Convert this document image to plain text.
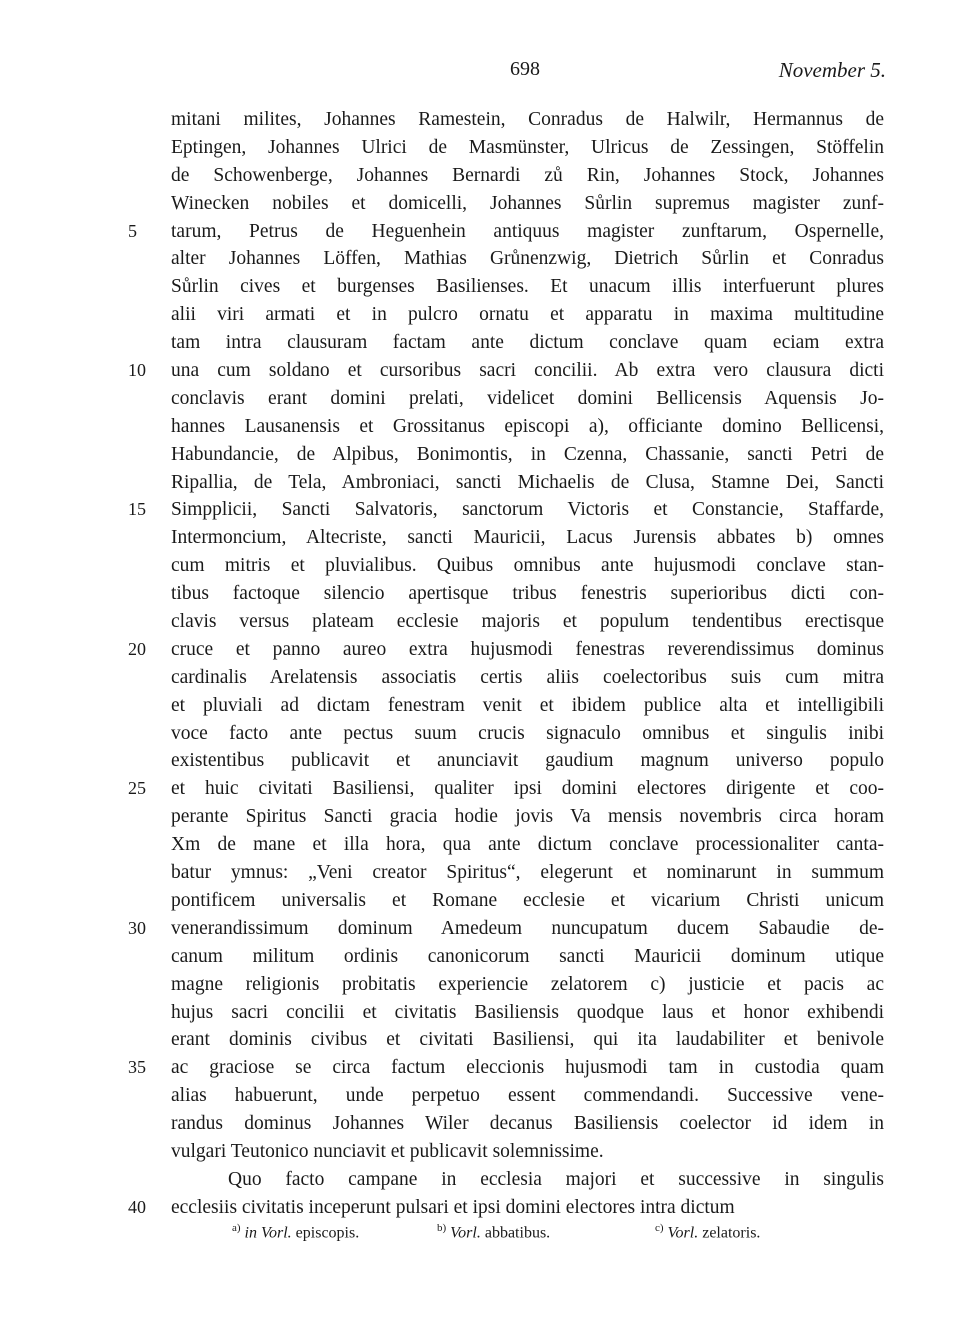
698	November 5.
mitani milites, Johannes Ramestein, Conradus de Halwilr, Hermannus de
Eptingen, Johannes Ulrici de Masmünster, Ulricus de Zessingen, Stöffelin
de Schowenberge, Johannes Bernardi zů Rin, Johannes Stock, Johannes
Winecken nobiles et domicelli, Johannes Sůrlin supremus magister zunf-
5	tarum, Petrus de Heguenhein antiquus magister zunftarum, Ospernelle,
alter Johannes Löffen, Mathias Grůnenzwig, Dietrich Sůrlin et Conradus
Sůrlin cives et burgenses Basilienses. Et unacum illis interfuerunt plures
alii viri armati et in pulcro ornatu et apparatu in maxima multitudine
tam intra clausuram factam ante dictum conclave quam eciam extra
10	una cum soldano et cursoribus sacri concilii. Ab extra vero clausura dicti
conclavis erant domini prelati, videlicet domini Bellicensis Aquensis Jo-
hannes Lausanensis et Grossitanus episcopi a), officiante domino Bellicensi,
Habundancie, de Alpibus, Bonimontis, in Czenna, Chassanie, sancti Petri de
Ripallia, de Tela, Ambroniaci, sancti Michaelis de Clusa, Stamne Dei, Sancti
15	Simpplicii, Sancti Salvatoris, sanctorum Victoris et Constancie, Staffarde,
Intermoncium, Altecriste, sancti Mauricii, Lacus Jurensis abbates b) omnes
cum mitris et pluvialibus. Quibus omnibus ante hujusmodi conclave stan-
tibus factoque silencio apertisque tribus fenestris superioribus dicti con-
clavis versus plateam ecclesie majoris et populum tendentibus erectisque
20	cruce et panno aureo extra hujusmodi fenestras reverendissimus dominus
cardinalis Arelatensis associatis certis aliis coelectoribus suis cum mitra
et pluviali ad dictam fenestram venit et ibidem publice alta et intelligibili
voce facto ante pectus suum crucis signaculo omnibus et singulis inibi
existentibus publicavit et anunciavit gaudium magnum universo populo
25	et huic civitati Basiliensi, qualiter ipsi domini electores dirigente et coo-
perante Spiritus Sancti gracia hodie jovis Va mensis novembris circa horam
Xm de mane et illa hora, qua ante dictum conclave processionaliter canta-
batur ymnus: „Veni creator Spiritus“, elegerunt et nominarunt in summum
pontificem universalis et Romane ecclesie et vicarium Christi unicum
30	venerandissimum dominum Amedeum nuncupatum ducem Sabaudie de-
canum militum ordinis canonicorum sancti Mauricii dominum utique
magne religionis probitatis experiencie zelatorem c) justicie et pacis ac
hujus sacri concilii et civitatis Basiliensis quodque laus et honor exhibendi
erant dominis civibus et civitati Basiliensi, qui ita laudabiliter et benivole
35	ac graciose se circa factum eleccionis hujusmodi tam in custodia quam
alias habuerunt, unde perpetuo essent commendandi. Successive vene-
randus dominus Johannes Wiler decanus Basiliensis coelector id idem in
vulgari Teutonico nunciavit et publicavit solemnissime.
Quo facto campane in ecclesia majori et successive in singulis
40	ecclesiis civitatis inceperunt pulsari et ipsi domini electores intra dictum
$^{a)}$ in Vorl. episcopis.	$^{b)}$ Vorl. abbatibus.	$^{c)}$ Vorl. zelatoris.
